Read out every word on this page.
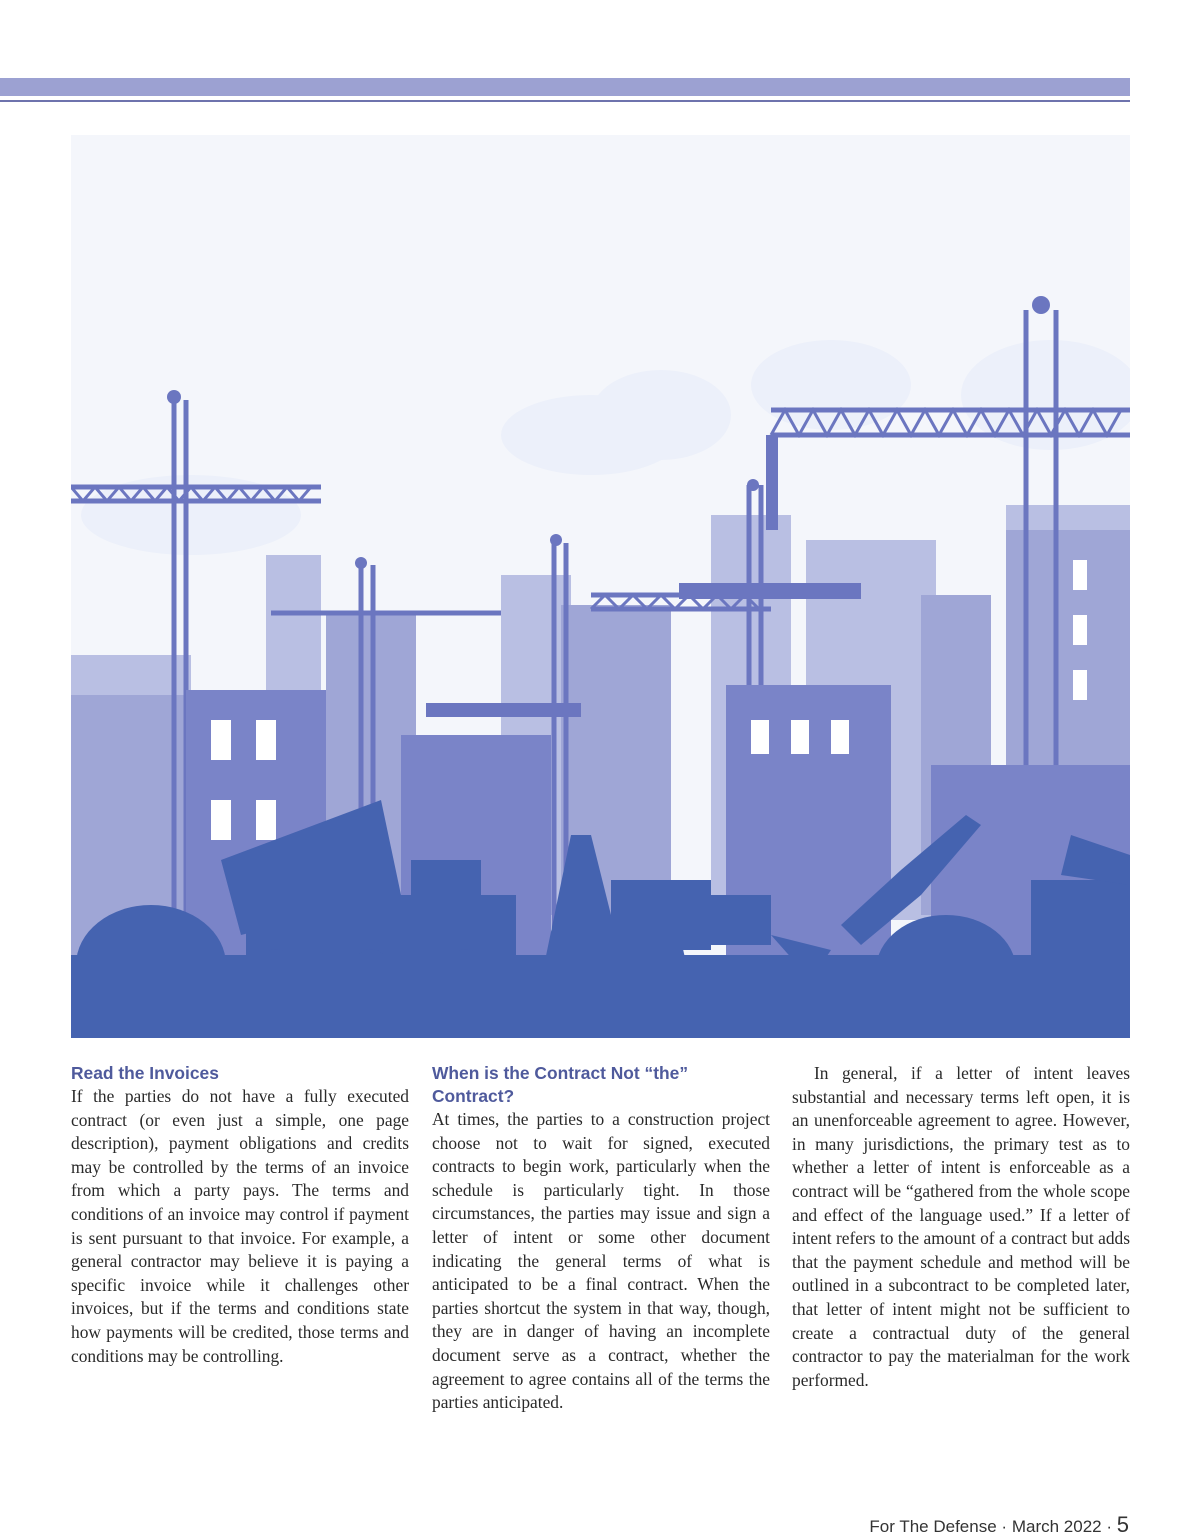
Read the Invoices

If the parties do not have a fully executed contract (or even just a simple, one page description), payment obligations and credits may be controlled by the terms of an invoice from which a party pays. The terms and conditions of an invoice may control if payment is sent pursuant to that invoice. For example, a general contractor may believe it is paying a specific invoice while it challenges other invoices, but if the terms and conditions state how payments will be credited, those terms and conditions may be controlling.

When is the Contract Not “the” Contract?

At times, the parties to a construction project choose not to wait for signed, executed contracts to begin work, particularly when the schedule is particularly tight. In those circumstances, the parties may issue and sign a letter of intent or some other document indicating the general terms of what is anticipated to be a final contract. When the parties shortcut the system in that way, though, they are in danger of having an incomplete document serve as a contract, whether the agreement to agree contains all of the terms the parties anticipated.

In general, if a letter of intent leaves substantial and necessary terms left open, it is an unenforceable agreement to agree. However, in many jurisdictions, the primary test as to whether a letter of intent is enforceable as a contract will be “gathered from the whole scope and effect of the language used.” If a letter of intent refers to the amount of a contract but adds that the payment schedule and method will be outlined in a subcontract to be completed later, that letter of intent might not be sufficient to create a contractual duty of the general contractor to pay the materialman for the work performed.

For The Defense · March 2022 · 5
